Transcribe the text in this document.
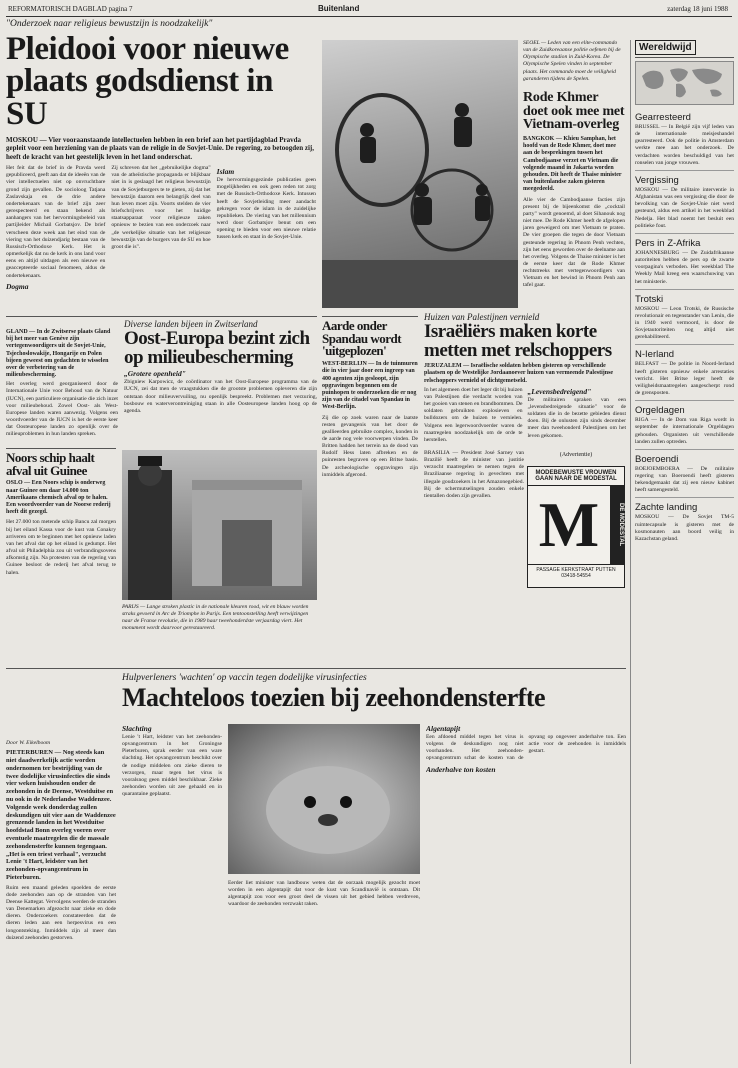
REFORMATORISCH DAGBLAD pagina 7	Buitenland	zaterdag 18 juni 1988
"Onderzoek naar religieus bewustzijn is noodzakelijk"
Pleidooi voor nieuwe plaats godsdienst in SU
MOSKOU — Vier vooraanstaande intellectuelen hebben in een brief aan het partijdagblad Pravda gepleit voor een herziening van de plaats van de religie in de Sovjet-Unie. De regering, zo betoogden zij, heeft de kracht van het geestelijk leven in het land onderschat.
Het feit dat de brief in de Pravda werd gepubliceerd, geeft aan dat de ideeën van de vier intellectuelen niet op onvruchtbare grond zijn gevallen. De socioloog Tatjana Zaslavskaja en de drie andere ondertekenaars van de brief zijn zeer gerespecteerd en staan bekend als aanhangers van het hervormingsbeleid van partijleider Michail Gorbatsjov. De brief verscheen deze week aan het eind van de viering van het duizendjarig bestaan van de Russisch-Orthodoxe Kerk. Het is opmerkelijk dat nu de kerk in ons land voor eens en altijd uitdagen als een nieuwe en geaccepteerde sociaal fenomeen, aldus de ondertekenaars.
Dogma
Zij schreven dat het „gebruikelijke dogma" van de atheïstische propaganda er blijkbaar niet in is geslaagd het religieus bewustzijn van de Sovjetburgers te te gieten, zij dat het bewustzijn daarom een belangrijk deel van hun leven moet zijn. Voorts stelden de vier briefschrijvers voor het huidige staatsapparaat voor religieuze zaken opnieuw te bezien van een onderzoek naar „de werkelijke situatie van het religieuze bewustzijn van de burgers van de SU en hoe groot die is".
Islam
De hervormingsgezinde publicaties geen mogelijkheden en ook geen reden tot zorg met de Russisch-Orthodoxe Kerk. Intussen heeft de Sovjetleiding meer aandacht gekregen voor de islam in de zuidelijke republieken. De viering van het millennium werd door Gorbatsjov benut om een opening te bieden voor een nieuwe relatie tussen kerk en staat in de Sovjet-Unie.
SEOEL — Leden van een elite-commando van de Zuidkoreaanse politie oefenen bij de Olympische stadion in Zuid-Korea. De Olympische Spelen vinden in september plaats. Het commando moet de veiligheid garanderen tijdens de Spelen.
Rode Khmer doet ook mee met Vietnam-overleg
BANGKOK — Khieu Samphan, het hoofd van de Rode Khmer, doet mee aan de besprekingen tussen het Cambodjaanse verzet en Vietnam die volgende maand in Jakarta worden gehouden. Dit heeft de Thaise minister van buitenlandse zaken gisteren meegedeeld.
Alle vier de Cambodjaanse facties zijn present bij de bijeenkomst die „cocktail party" wordt genoemd, al doet Sihanouk nog niet mee. De Rode Khmer heeft de afgelopen jaren geweigerd om met Vietnam te praten. De vier groepen die tegen de door Vietnam gesteunde regering in Phnom Penh vechten, zijn het eens geworden over de deelname aan het overleg. Volgens de Thaise minister is het de eerste keer dat de Rode Khmer rechtstreeks met vertegenwoordigers van Vietnam en het bewind in Phnom Penh aan tafel gaat.
Wereldwijd
Gearresteerd
BRUSSEL — In België zijn vijf leden van de internationale meisjeshandel gearresteerd. Ook de politie in Amsterdam werkte mee aan het onderzoek. De verdachten worden beschuldigd van het ronselen van jonge vrouwen.
Vergissing
MOSKOU — De militaire interventie in Afghanistan was een vergissing die door de bevolking van de Sovjet-Unie niet werd gesteund, aldus een artikel in het weekblad Nedelja. Het blad noemt het besluit een politieke fout.
Pers in Z-Afrika
JOHANNESBURG — De Zuidafrikaanse autoriteiten hebben de pers op de zwarte voorpagina's verboden. Het weekblad The Weekly Mail kreeg een waarschuwing van het ministerie.
Trotski
MOSKOU — Leon Trotski, de Russische revolutionair en tegenstander van Lenin, die in 1940 werd vermoord, is door de Sovjetautoriteiten nog altijd niet gerehabiliteerd.
N-Ierland
BELFAST — De politie in Noord-Ierland heeft gisteren opnieuw enkele arrestaties verricht. Het Britse leger heeft de veiligheidsmaatregelen aangescherpt rond de grensposten.
Orgeldagen
RIGA — In de Dom van Riga wordt in september de internationale Orgeldagen gehouden. Organisten uit verschillende landen zullen optreden.
Boeroendi
BOEJOEMBOERA — De militaire regering van Boeroendi heeft gisteren bekendgemaakt dat zij een nieuw kabinet heeft samengesteld.
Zachte landing
MOSKOU — De Sovjet TM-5 ruimtecapsule is gisteren met de kosmonauten aan boord veilig in Kazachstan geland.
Diverse landen bijeen in Zwitserland
GLAND — In de Zwitserse plaats Gland bij het meer van Genève zijn vertegenwoordigers uit de Sovjet-Unie, Tsjechoslowakije, Hongarije en Polen bijeen geweest om gedachten te wisselen over de verbetering van de milieubescherming.
Het overleg werd georganiseerd door de Internationale Unie voor Behoud van de Natuur (IUCN), een particuliere organisatie die zich inzet voor milieubehoud. Zowel Oost- als West-Europese landen waren aanwezig. Volgens een woordvoerder van de IUCN is het de eerste keer dat Oosteuropese landen zo openlijk over de milieuproblemen in hun landen spreken.
Oost-Europa bezint zich op milieubescherming
„Grotere openheid"
Zbigniew Karpowicz, de coördinator van het Oost-Europese programma van de IUCN, zei dat men de vraagstukken die de grootste problemen opleveren die zijn ontstaan door milieuvervuiling, nu openlijk bespreekt. Problemen met verzuring, bosbouw en waterverontreiniging staan in alle Oosteuropese landen hoog op de agenda.
Aarde onder Spandau wordt 'uitgeplozen'
WEST-BERLIJN — In de tuinmuren die in vier jaar door een ingreep van 400 agenten zijn gesloopt, zijn opgravingen begonnen om de puinhopen te onderzoeken die er nog zijn van de citadel van Spandau in West-Berlijn.
Zij die op zoek waren naar de laatste resten gevangenis van het door de geallieerden gebruikte complex, konden in de aarde nog vele voorwerpen vinden. De Britten hadden het terrein na de dood van Rudolf Hess laten afbreken en de puinresten begraven op een Britse basis. De archeologische opgravingen zijn inmiddels afgerond.
Huizen van Palestijnen vernield
Israëliërs maken korte metten met relschoppers
JERUZALEM — Israëlische soldaten hebben gisteren op verschillende plaatsen op de Westelijke Jordaanoever huizen van vermeende Palestijnse relschoppers vernield of dichtgemetseld.
In het algemeen doet het leger dit bij huizen van Palestijnen die verdacht worden van het gooien van stenen en brandbommen. De soldaten gebruikten explosieven en bulldozers om de huizen te vernielen. Volgens een legerwoordvoerder waren de maatregelen noodzakelijk om de orde te herstellen.
„Levensbedreigend"
De militairen spraken van een „levensbedreigende situatie" voor de soldaten die in de bezette gebieden dienst doen. Bij de onlusten zijn sinds december meer dan tweehonderd Palestijnen om het leven gekomen.
Noors schip haalt afval uit Guinee
OSLO — Een Noors schip is onderweg naar Guinee om daar 14.000 ton Amerikaans chemisch afval op te halen. Een woordvoerder van de Noorse rederij heeft dit gezegd.
Het 27.000 ton metende schip Bancu zal morgen bij het eiland Kassa voor de kust van Conakry arriveren om te beginnen met het opnieuw laden van het afval dat op het eiland is gedumpt. Het afval uit Philadelphia zou uit verbrandingsovens afkomstig zijn. Na protesten van de regering van Guinee besloot de rederij het afval terug te halen.
PARIJS — Lange stroken plastic in de nationale kleuren rood, wit en blauw worden straks gevoerd in Arc de Triomphe in Parijs. Een tentoonstelling heeft verwijzingen naar de Franse revolutie, die in 1989 haar tweehonderdste verjaardag viert. Het monument wordt daarvoor gerestaureerd.
BRASILIA — President José Sarney van Brazilië heeft de minister van justitie verzocht maatregelen te nemen tegen de Braziliaanse regering in gevechten met illegale goudzoekers in het Amazonegebied. Bij de schermutselingen zouden enkele tientallen doden zijn gevallen.
(Advertentie)
MODEBEWUSTE VROUWEN GAAN NAAR DE MODESTAL
M	DE MODESTAL
PASSAGE KERKSTRAAT PUTTEN 03418-54554
Hulpverleners 'wachten' op vaccin tegen dodelijke virusinfecties
Machteloos toezien bij zeehondensterfte
Door W. Eikelboom
PIETERBUREN — Nog steeds kan niet daadwerkelijk actie worden ondernomen ter bestrijding van de twee dodelijke virusinfecties die sinds vier weken huishouden onder de zeehonden in de Deense, Westduitse en nu ook in de Nederlandse Waddenzee. Volgende week donderdag zullen deskundigen uit vier aan de Waddenzee grenzende landen in het Westduitse hoofdstad Bonn overleg voeren over eventuele maatregelen die de massale zeehondensterfte kunnen tegengaan. „Het is een triest verhaal", verzucht Lenie 't Hart, leidster van het zeehonden-opvangcentrum in Pieterburen.
Ruim een maand geleden spoelden de eerste dode zeehonden aan op de stranden van het Deense Kattegat. Vervolgens werden de stranden van Denemarken afgezocht naar zieke en dode dieren. Onderzoekers constateerden dat de dieren leden aan een herpesvirus en een longontsteking. Inmiddels zijn al meer dan duizend zeehonden gestorven.
Slachting
Lenie 't Hart, leidster van het zeehonden-opvangcentrum in het Groningse Pieterburen, sprak eerder van een ware slachting. Het opvangcentrum beschikt over de nodige middelen om zieke dieren te verzorgen, maar tegen het virus is vooralsnog geen middel beschikbaar. Zieke zeehonden worden uit zee gehaald en in quarantaine geplaatst.
Eerder liet minister van landbouw weten dat de oorzaak mogelijk gezocht moet worden in een algentapijt dat voor de kust van Scandinavië is ontstaan. Dit algentapijt zou voor een groot deel de vissen uit het gebied hebben verdreven, waardoor de zeehonden verzwakt raken.
Algentapijt
Een afdoend middel tegen het virus is volgens de deskundigen nog niet voorhanden. Het zeehonden-opvangcentrum schat de kosten van de opvang op ongeveer anderhalve ton. Een actie voor de zeehonden is inmiddels gestart.
Anderhalve ton kosten
